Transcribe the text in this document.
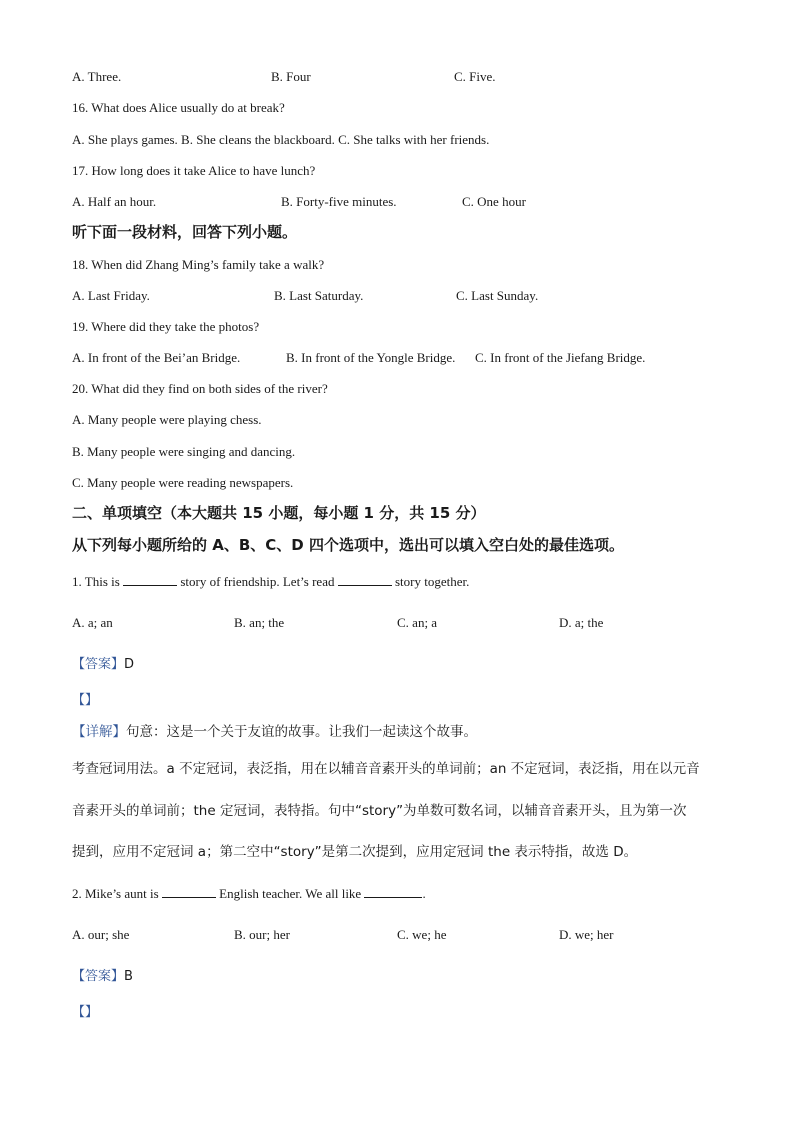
A. Three.	B. Four	C. Five.
16. What does Alice usually do at break?
A. She plays games. B. She cleans the blackboard. C. She talks with her friends.
17. How long does it take Alice to have lunch?
A. Half an hour.	B. Forty-five minutes.	C. One hour
听下面一段材料，回答下列小题。
18. When did Zhang Ming’s family take a walk?
A. Last Friday.	B. Last Saturday.	C. Last Sunday.
19. Where did they take the photos?
A. In front of the Bei’an Bridge.	B. In front of the Yongle Bridge. C. In front of the Jiefang Bridge.
20. What did they find on both sides of the river?
A. Many people were playing chess.
B. Many people were singing and dancing.
C. Many people were reading newspapers.
二、单项填空（本大题共 15 小题，每小题 1 分，共 15 分）
从下列每小题所给的 A、B、C、D 四个选项中，选出可以填入空白处的最佳选项。
1. This is	story of friendship. Let’s read	story together.
A. a; an	B. an; the	C. an; a	D. a; the
【答案】D
【】
【详解】句意：这是一个关于友谊的故事。让我们一起读这个故事。
考查冠词用法。a 不定冠词，表泛指，用在以辅音音素开头的单词前；an 不定冠词，表泛指，用在以元音
音素开头的单词前；the 定冠词，表特指。句中“story”为单数可数名词，以辅音音素开头，且为第一次
提到，应用不定冠词 a；第二空中“story”是第二次提到，应用定冠词 the 表示特指，故选 D。
2. Mike’s aunt is	English teacher. We all like	.
A. our; she	B. our; her	C. we; he	D. we; her
【答案】B
【】
